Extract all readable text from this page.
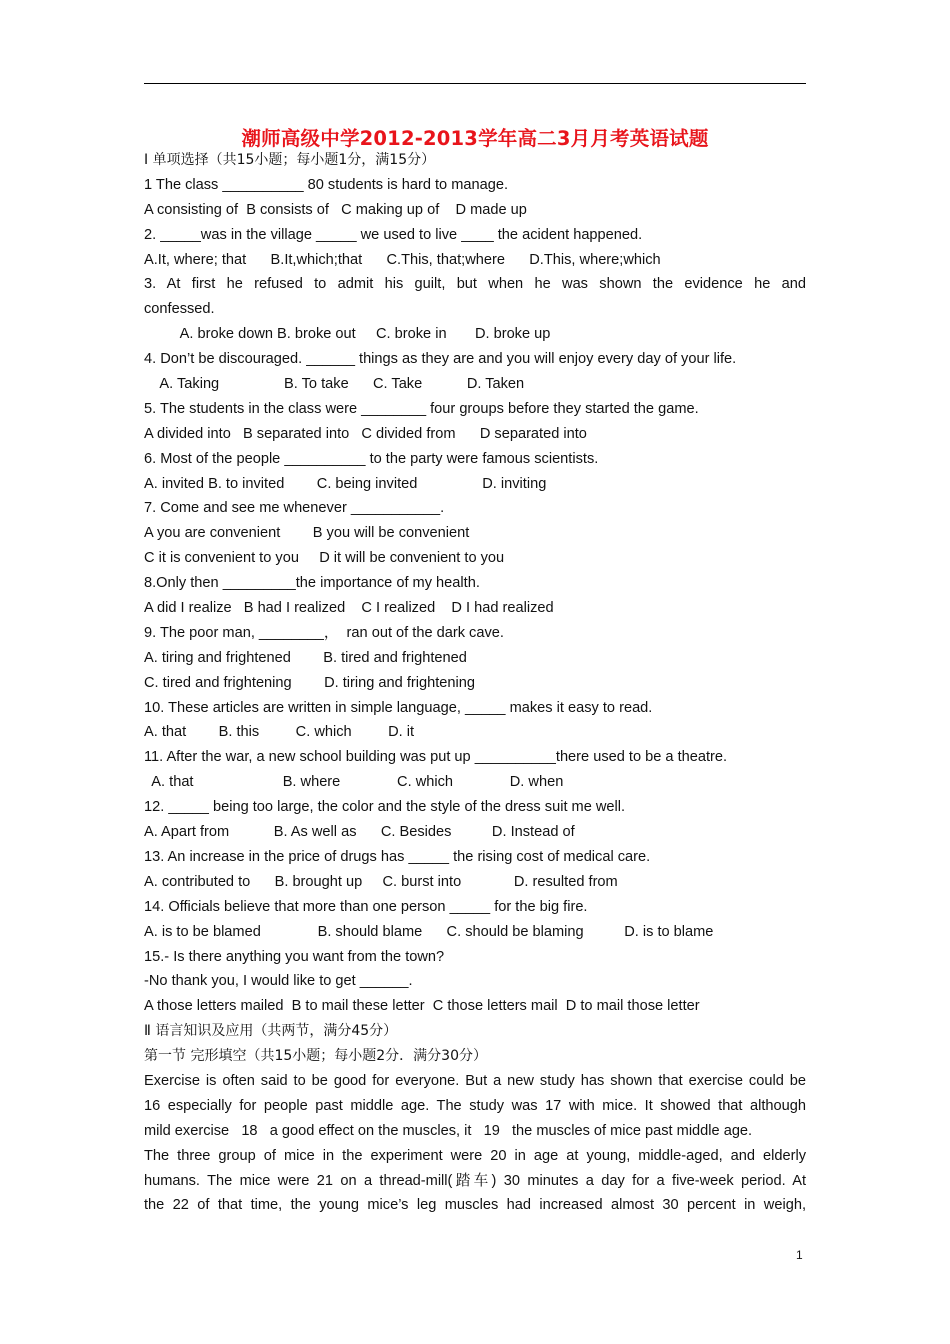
潮师高级中学2012-2013学年高二3月月考英语试题
I 单项选择（共15小题；每小题1分，满15分）
1 The class __________ 80 students is hard to manage.
A consisting of  B consists of   C making up of    D made up
2. _____was in the village _____ we used to live ____ the acident happened.
A.It, where; that      B.It,which;that      C.This, that;where      D.This, where;which
3. At first he refused to admit his guilt, but when he was shown the evidence he and
confessed.
A. broke down B. broke out     C. broke in       D. broke up
4. Don’t be discouraged. ______ things as they are and you will enjoy every day of your life.
A. Taking                B. To take      C. Take           D. Taken
5. The students in the class were ________ four groups before they started the game.
A divided into   B separated into   C divided from      D separated into
6. Most of the people __________ to the party were famous scientists.
A. invited B. to invited        C. being invited                D. inviting
7. Come and see me whenever ___________.
A you are convenient        B you will be convenient
C it is convenient to you     D it will be convenient to you
8.Only then _________the importance of my health.
A did I realize   B had I realized    C I realized    D I had realized
9. The poor man, ________，  ran out of the dark cave.
A. tiring and frightened        B. tired and frightened
C. tired and frightening        D. tiring and frightening
10. These articles are written in simple language, _____ makes it easy to read.
A. that        B. this         C. which         D. it
11. After the war, a new school building was put up __________there used to be a theatre.
A. that                      B. where              C. which              D. when
12. _____ being too large, the color and the style of the dress suit me well.
A. Apart from           B. As well as      C. Besides          D. Instead of
13. An increase in the price of drugs has _____ the rising cost of medical care.
A. contributed to      B. brought up     C. burst into             D. resulted from
14. Officials believe that more than one person _____ for the big fire.
A. is to be blamed              B. should blame      C. should be blaming          D. is to blame
15.- Is there anything you want from the town?
-No thank you, I would like to get ______.
A those letters mailed  B to mail these letter  C those letters mail  D to mail those letter
Ⅱ 语言知识及应用（共两节，满分45分）
第一节 完形填空（共15小题；每小题2分．满分30分）
Exercise is often said to be good for everyone. But a new study has shown that exercise could be
16 especially for people past middle age. The study was 17 with mice. It showed that although
mild exercise   18   a good effect on the muscles, it   19   the muscles of mice past middle age.
The three group of mice in the experiment were 20 in age at young, middle-aged, and elderly
humans. The mice were 21 on a thread-mill(踏车) 30 minutes a day for a five-week period. At
the 22 of that time, the young mice’s leg muscles had increased almost 30 percent in weigh,
1
